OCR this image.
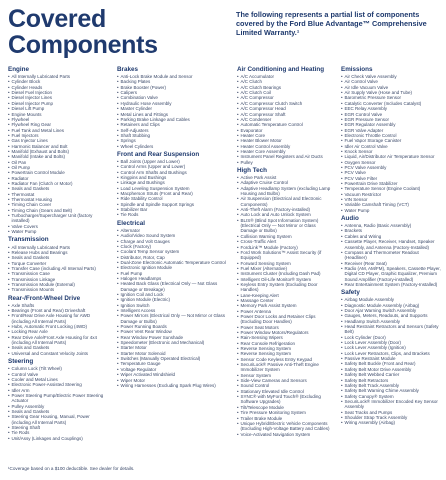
Covered
Components
The following represents a partial list of components covered by the Ford Blue Advantage™ Comprehensive Limited Warranty.¹
Engine
• All Internally Lubricated Parts
• Cylinder Block
• Cylinder Heads
• Diesel Fuel Injection
• Diesel Injector Lines
• Diesel Injector Pump
• Diesel Lift Pump
• Engine Mounts
• Flywheel
• Flywheel Ring Gear
• Fuel Tank and Metal Lines
• Fuel Injectors
• Gas Injector Lines
• Harmonic Balancer and Bolt
• Manifold (Exhaust and Bolts)
• Manifold (Intake and Bolts)
• Oil Pan
• Oil Pump
• Powertrain Control Module
• Radiator
• Radiator Fan (Clutch or Motor)
• Seals and Gaskets
• Thermostat
• Thermostat Housing
• Timing Chain Cover
• Timing Chain (Gears and Belt)
• Turbocharger/Supercharger Unit (factory installed)
• Valve Covers
• Water Pump
Transmission
• All Internally Lubricated Parts
• Release Hubs and Bearings
• Seals and Gaskets
• Torque Converter
• Transfer Case (including All Internal Parts)
• Transmission Case
• Transmission Linkage
• Transmission Module (External)
• Transmission Mounts
Rear-/Front-Wheel Drive
• Axle Shafts
• Bearings (Front and Rear) Driveshaft
• Front/Rear Drive Axle Housing for AWD (including All Internal Parts)
• Hubs, Automatic Front Locking (4WD)
• Locking Rear Axle
• Rear Drive Axle/Front Axle Housing for 4x4 (including All Internal Parts)
• Seals and Gaskets
• Universal and Constant Velocity Joints
Steering
• Column Lock (Tilt Wheel)
• Control Valve
• Cooler and Metal Lines
• Electronic Power-Assisted Steering
• Idler Arm
• Power Steering Pump/Electric Power Steering Actuator
• Pulley Assembly
• Seals and Gaskets
• Steering Gear Housing, Manual, Power (including All Internal Parts)
• Steering Shaft
• Tie Rods
• Unit/Assy (Linkages and Couplings)
Brakes
• Anti-Lock Brake Module and Sensor
• Backing Plates
• Brake Booster (Power)
• Calipers
• Combination Valve
• Hydraulic Hose Assembly
• Master Cylinder
• Metal Lines and Fittings
• Parking Brake Linkage and Cables
• Retainers and Clips
• Self-Adjusters
• Shaft Stubbing
• Springs
• Wheel Cylinders
Front and Rear Suspension
• Ball Joints (Upper and Lower)
• Control Arms (Upper and Lower)
• Control Arm Shafts and Bushings
• Kingpins and Bushings
• Linkage and Bushings
• Load Leveling Suspension System
• Macpherson Struts (Front and Rear)
• Ride Stability Control
• Spindle and Spindle Support Springs
• Stabilizer Bar
• Tie Rods
Electrical
• Alternator
• Audio/Video Sound System
• Charge and Volt Gauges
• Clock (Factory)
• Coolant Temp Sensor system
• Distributor, Rotor, Cap
• Dual-Zone Electronic Automatic Temperature Control
• Electronic Ignition Module
• Fuel Pump
• Halogen Headlamps
• Heated Back Glass (Electrical Only — Not Glass Damage or Breakage)
• Ignition Coil and Lock
• Ignition Module (Electric)
• Ignition Switch
• Intelligent Access
• Power Mirrors (Electrical Only — Not Mirror or Glass Damage or Bulbs)
• Power Running Boards
• Power Vent Rear Window
• Rear Window Power Sunshade
• Speedometer (Electronic and Mechanical)
• Starter Motor
• Starter Motor Solenoid
• Switches (Manually Operated Electrical)
• Temperature Gauge
• Voltage Regulator
• Wiper Activated Windshield
• Wiper Motor
• Wiring Harnesses (Excluding Spark Plug Wires)
Air Conditioning and Heating
• A/C Accumulator
• A/C Clutch
• A/C Clutch Bearings
• A/C Clutch Coil
• A/C Compressor
• A/C Compressor Clutch Switch
• A/C Compressor Head
• A/C Compressor Shaft
• A/C Condenser
• Automatic Temperature Control
• Evaporator
• Heater Core
• Heater Blower Motor
• Heater Control Assembly
• Heater Core Assembly
• Instrument Panel Registers and Air Ducts
• Pulley
High Tech
• Active Park Assist
• Adaptive Cruise Control
• Adaptive Headlamp System (excluding Lamp Housing and Bulbs)
• Air Suspension (Electrical and Electronic Components)
• Anti-Theft Alarm (Factory-installed)
• Auto Lock and Auto Unlock System
• BLIS® (Blind Spot Information System) (Electrical Only — Not Mirror or Glass Damage or Bulbs)
• Collision Warning System
• Cross-Traffic Alert
• FordLink™ Module (Factory)
• Ford Work Solutions™ Assist Security (if Equipped)
• Forward Sensing System
• Fuel Mixer (Alternative)
• Instrument Cluster (Including Dash Pad)
• Intelligent Oil-Life Monitor® System
• Keyless Entry System (Excluding Door Handles)
• Lane-Keeping Alert
• Massage Center
• Memory Park Assist System
• Power Antenna
• Power Door Locks and Retainer Clips (Excluding Door Handles)
• Power Seat Motors
• Power Window Motors/Regulators
• Rain-Sensing Wipers
• Rear Console Refrigeration
• Reverse Sensing System
• Reverse Sensing System
• Sensor Code Keyless Entry Keypad
• SecuriLock® Passive Anti-Theft Engine Immobilizer System
• Sensor System
• Side-View Cameras and Sensors
• Sound Control
• Stationary Elevated Idle Control
• SYNC® with MyFord Touch® (Excluding Software Upgrades)
• Tilt/Telescope Module
• Tire Pressure Monitoring System
• Trailer Brake Module
• Unique Hybrid/Electric Vehicle Components (Excluding High-Voltage Battery and Cables)
• Voice-Activated Navigation System
Emissions
• Air Check Valve Assembly
• Air Control Valve
• Air Idle Vacuum Valve
• Air Supply Valve (Hose and Tube)
• Barometric Pressure Sensor
• Catalytic Converter (Includes Catalyst)
• EEC Relay Assembly
• EGR Control Valve
• EGR Pressure Sensor
• EGR Regulator Assembly
• EGR Valve Adapter
• Electronic Throttle Control
• Fuel Vapor Storage Canister
• Idler Air Control Valve
• Knock Sensor
• Liquid, Air/Distributor Air Temperature Sensor
• Oxygen Sensor
• PCV Valve Assembly
• PCV Valve
• PCV Valve Filter
• Powertrain Drive Stabilizer
• Temperature Sensor (Engine Coolant)
• Vacuum Restrictor
• VIN Sensor
• Variable Camshaft Timing (VCT)
• Water Pump
Audio
• Antenna, Radio (Basic Assembly)
• Brackets
• Cables and Wiring
• Cassette Player, Receiver, Handset, Speaker Assembly, and Antenna (Factory-Installed)
• Compass and Thermometer Readout (Headliner)
• Receiver (Rear Seat)
• Radio (AM, AM/FM), Speakers, Cassette Player, Digital CD Player, Graphic Equalizer, Premium Sound Amplifier (Factory-installed)
• Rear Entertainment System (Factory-Installed)
Safety
• Airbag Module Assembly
• Diagnostic Module Assembly (Airbag)
• Door Ajar Warning Switch Assembly
• Gauges, Meters, Readouts, and Supports
• Headlamp Switch Assembly
• Head Restraint Retractors and Sensors (Safety Belt)
• Lock Cylinder (Door)
• Lock Lever Assembly (Door)
• Lock Lever Assembly (Ignition)
• Lock Lever Retractors, Clips, and Brackets
• Passive Restraint Module
• Safety Belt Buckle (Front and Rear)
• Safety Belt Motor Drive Assembly
• Safety Belt Webbed Carrier
• Safety Belt Retractors
• Safety Belt Track Assembly
• Safety Belt Warning Chime Assembly
• Safety Canopy® System
• SecuriLock® Immobilizer Encoded Key Sensor Assembly
• Seat Tracks and Pumps
• Shoulder Strap Track Assembly
• Wiring Assembly (Airbag)
¹Coverage based on a $100 deductible. See dealer for details.
